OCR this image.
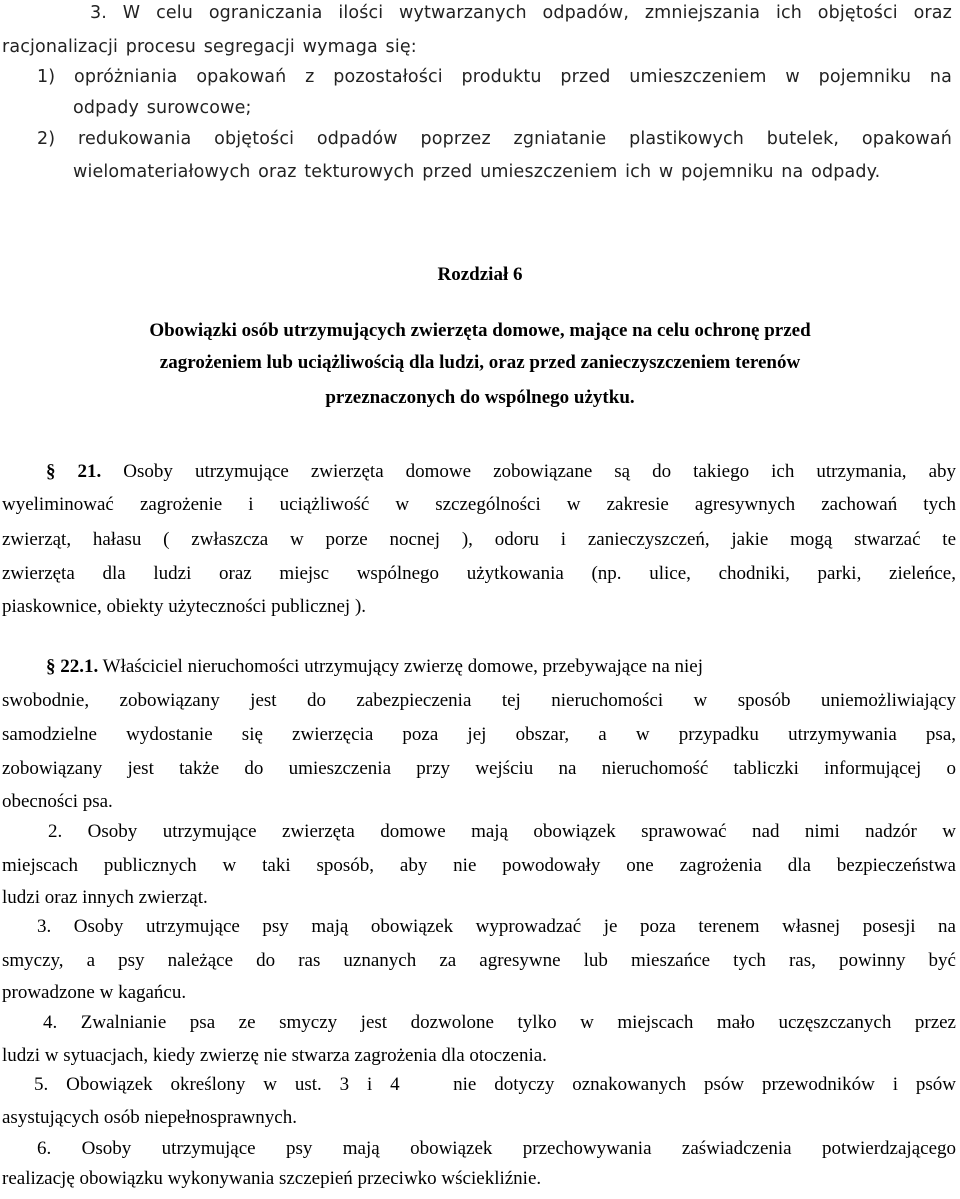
3. W celu ograniczania ilości wytwarzanych odpadów, zmniejszania ich objętości oraz
racjonalizacji procesu segregacji wymaga się:
1) opróżniania opakowań z pozostałości produktu przed umieszczeniem w pojemniku na
odpady surowcowe;
2) redukowania objętości odpadów poprzez zgniatanie plastikowych butelek, opakowań
wielomateriałowych oraz tekturowych przed umieszczeniem ich w pojemniku na odpady.
Rozdział 6
Obowiązki osób utrzymujących zwierzęta domowe, mające na celu ochronę przed
zagrożeniem lub uciążliwością dla ludzi, oraz przed zanieczyszczeniem terenów
przeznaczonych do wspólnego użytku.
§ 21. Osoby utrzymujące zwierzęta domowe zobowiązane są do takiego ich utrzymania, aby
wyeliminować zagrożenie i uciążliwość w szczególności w zakresie agresywnych zachowań tych
zwierząt, hałasu ( zwłaszcza w porze nocnej ), odoru i zanieczyszczeń, jakie mogą stwarzać te
zwierzęta dla ludzi oraz miejsc wspólnego użytkowania (np. ulice, chodniki, parki, zieleńce,
piaskownice, obiekty użyteczności publicznej ).
§ 22.1. Właściciel nieruchomości utrzymujący zwierzę domowe, przebywające na niej
swobodnie, zobowiązany jest do zabezpieczenia tej nieruchomości w sposób uniemożliwiający
samodzielne wydostanie się zwierzęcia poza jej obszar, a w przypadku utrzymywania psa,
zobowiązany jest także do umieszczenia przy wejściu na nieruchomość tabliczki informującej o
obecności psa.
2. Osoby utrzymujące zwierzęta domowe mają obowiązek sprawować nad nimi nadzór w
miejscach publicznych w taki sposób, aby nie powodowały one zagrożenia dla bezpieczeństwa
ludzi oraz innych zwierząt.
3. Osoby utrzymujące psy mają obowiązek wyprowadzać je poza terenem własnej posesji na
smyczy, a psy należące do ras uznanych za agresywne lub mieszańce tych ras, powinny być
prowadzone w kagańcu.
4. Zwalnianie psa ze smyczy jest dozwolone tylko w miejscach mało uczęszczanych przez
ludzi w sytuacjach, kiedy zwierzę nie stwarza zagrożenia dla otoczenia.
5. Obowiązek określony w ust. 3 i 4   nie dotyczy oznakowanych psów przewodników i psów
asystujących osób niepełnosprawnych.
6. Osoby utrzymujące psy mają obowiązek przechowywania zaświadczenia potwierdzającego
realizację obowiązku wykonywania szczepień przeciwko wściekliźnie.
